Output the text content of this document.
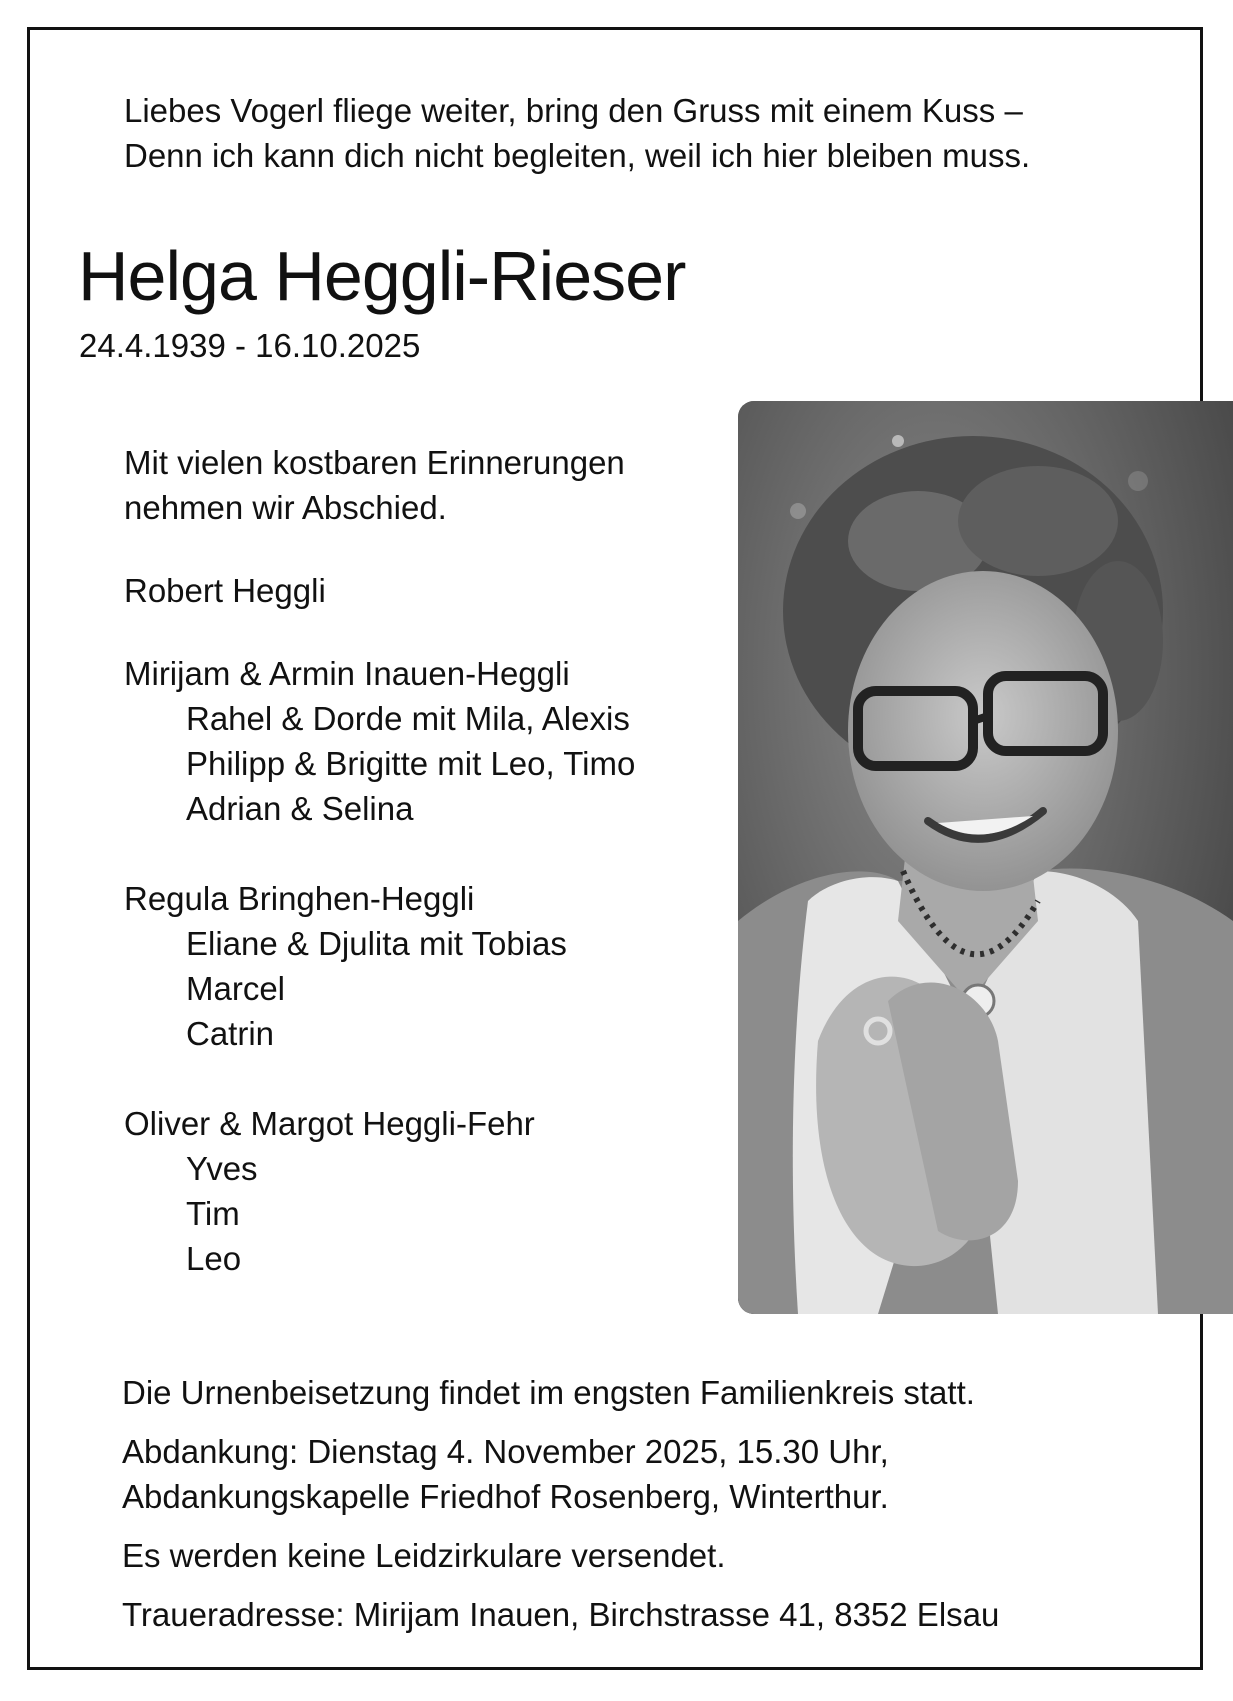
Liebes Vogerl fliege weiter, bring den Gruss mit einem Kuss –
Denn ich kann dich nicht begleiten, weil ich hier bleiben muss.
Helga Heggli-Rieser
24.4.1939 - 16.10.2025
Mit vielen kostbaren Erinnerungen
nehmen wir Abschied.
Robert Heggli
Mirijam & Armin Inauen-Heggli
Rahel & Dorde mit Mila, Alexis
Philipp & Brigitte mit Leo, Timo
Adrian & Selina
Regula Bringhen-Heggli
Eliane & Djulita mit Tobias
Marcel
Catrin
Oliver & Margot Heggli-Fehr
Yves
Tim
Leo
Die Urnenbeisetzung findet im engsten Familienkreis statt.
Abdankung: Dienstag 4. November 2025, 15.30 Uhr,
Abdankungskapelle Friedhof Rosenberg, Winterthur.
Es werden keine Leidzirkulare versendet.
Traueradresse: Mirijam Inauen, Birchstrasse 41, 8352 Elsau
